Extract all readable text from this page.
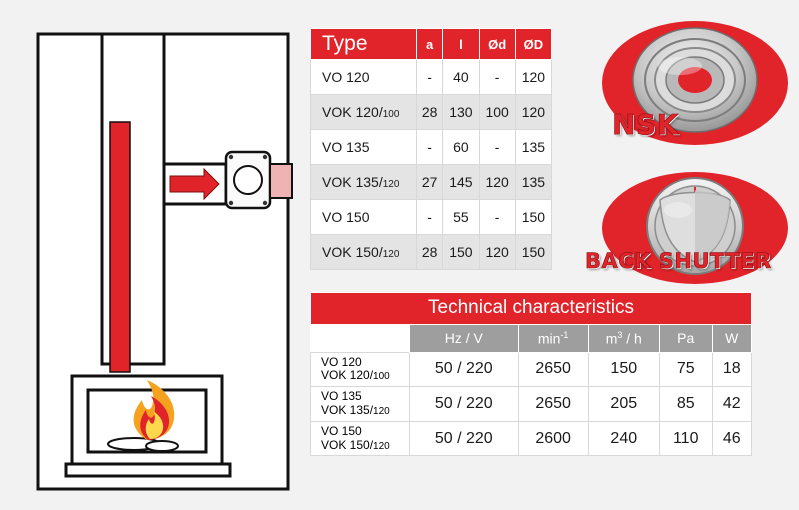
Type	a	l	Ød	ØD
VO 120	-	40	-	120
VOK 120/100	28	130	100	120
VO 135	-	60	-	135
VOK 135/120	27	145	120	135
VO 150	-	55	-	150
VOK 150/120	28	150	120	150
Technical characteristics					
	Hz / V	$\min^{-1}$	$m^3$ / h	Pa	W
VO 120
VOK 120/100	50 / 220	2650	150	75	18
VO 135
VOK 135/120	50 / 220	2650	205	85	42
VO 150
VOK 150/120	50 / 220	2600	240	110	46
NSK
BACK SHUTTER
